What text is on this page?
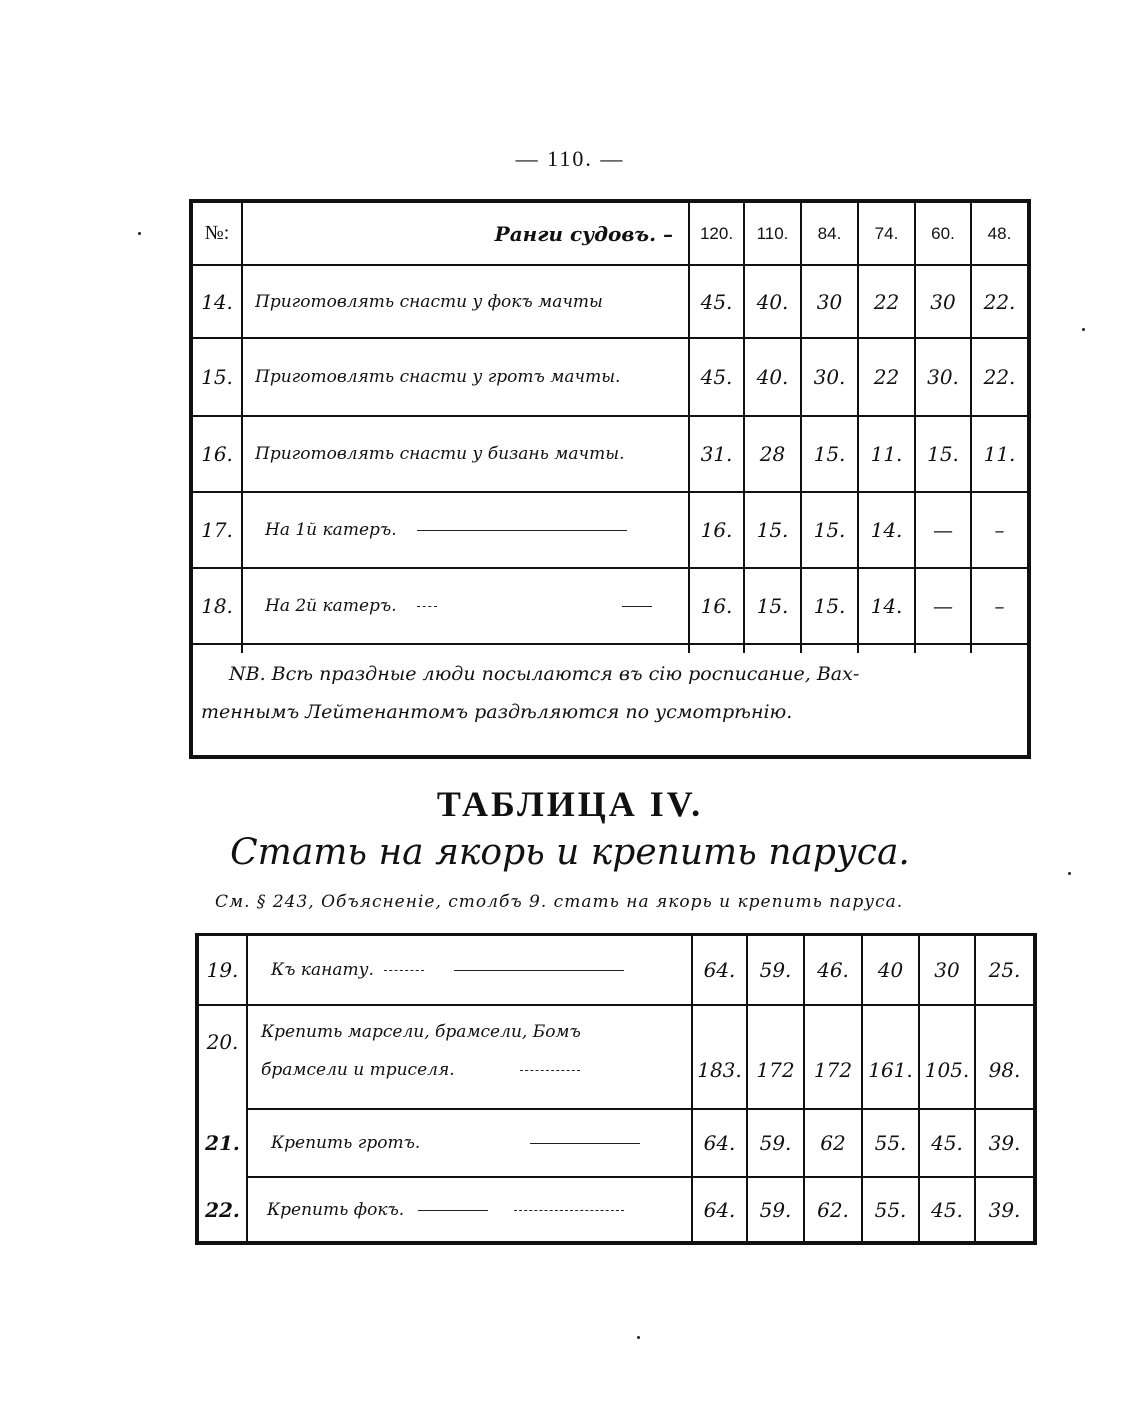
— 110. —
№:	Ранги судовъ. –	120.	110.	84.	74.	60.	48.
14.	Приготовлять снасти у фокъ мачты	45.	40.	30	22	30	22.
15.	Приготовлять снасти у гротъ мачты.	45.	40.	30.	22	30.	22.
16.	Приготовлять снасти у бизань мачты.	31.	28	15.	11.	15.	11.
17.	На 1й катеръ.	16.	15.	15.	14.	—	–
18.	На 2й катеръ.	16.	15.	15.	14.	—	–
NB. Всѣ праздные люди посылаются въ сію росписание, Вах-
теннымъ Лейтенантомъ раздѣляются по усмотрѣнію.
ТАБЛИЦА IV.
Стать на якорь и крепить паруса.
См. § 243, Объясненіе, столбъ 9. стать на якорь и крепить паруса.
19.	Къ канату.	64.	59.	46.	40	30	25.
20.	Крепить марсели, брамсели, Бомъ
брамсели и триселя.	183. 172 172 161. 105. 98.
21.	Крепить гротъ.	64.	59.	62	55.	45.	39.
22.	Крепить фокъ.	64.	59.	62.	55.	45.	39.
